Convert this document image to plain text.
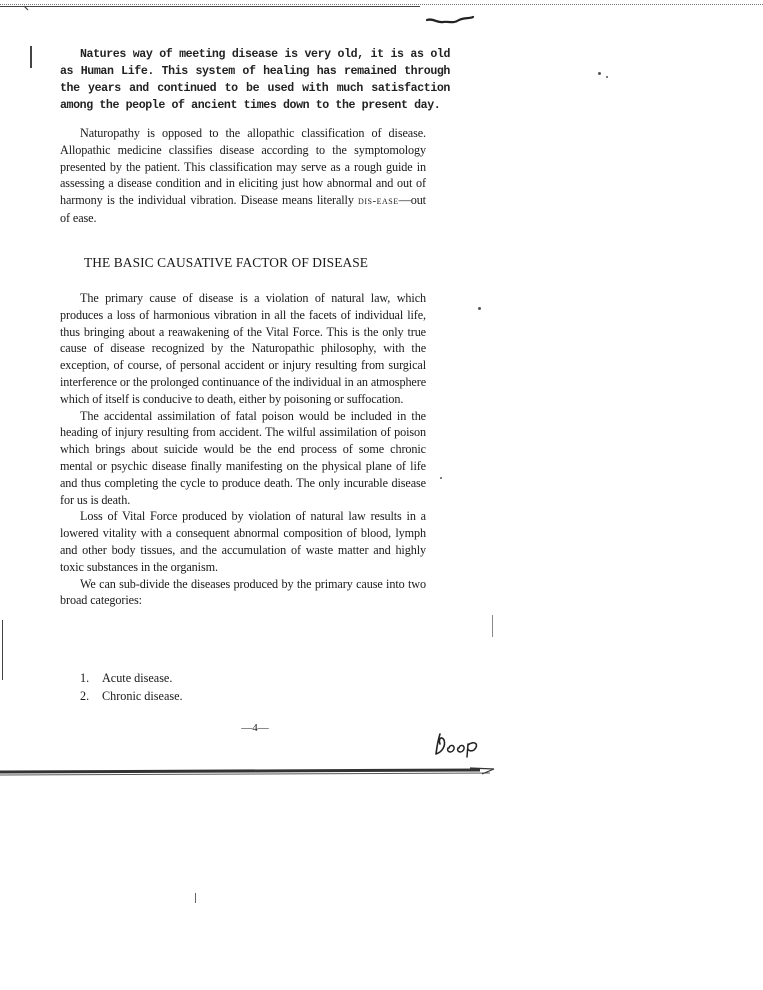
Natures way of meeting disease is very old, it is as old as Human Life. This system of healing has remained through the years and continued to be used with much satisfaction among the people of ancient times down to the present day.

Naturopathy is opposed to the allopathic classification of disease. Allopathic medicine classifies disease according to the symptomology presented by the patient. This classification may serve as a rough guide in assessing a disease condition and in eliciting just how abnormal and out of harmony is the individual vibration. Disease means literally dis-ease—out of ease.

THE BASIC CAUSATIVE FACTOR OF DISEASE

The primary cause of disease is a violation of natural law, which produces a loss of harmonious vibration in all the facets of individual life, thus bringing about a reawakening of the Vital Force. This is the only true cause of disease recognized by the Naturopathic philosophy, with the exception, of course, of personal accident or injury resulting from surgical interference or the prolonged continuance of the individual in an atmosphere which of itself is conducive to death, either by poisoning or suffocation.

The accidental assimilation of fatal poison would be included in the heading of injury resulting from accident. The wilful assimilation of poison which brings about suicide would be the end process of some chronic mental or psychic disease finally manifesting on the physical plane of life and thus completing the cycle to produce death. The only incurable disease for us is death.

Loss of Vital Force produced by violation of natural law results in a lowered vitality with a consequent abnormal composition of blood, lymph and other body tissues, and the accumulation of waste matter and highly toxic substances in the organism.

We can sub-divide the diseases produced by the primary cause into two broad categories:

1.	Acute disease.
2.	Chronic disease.
—4—
